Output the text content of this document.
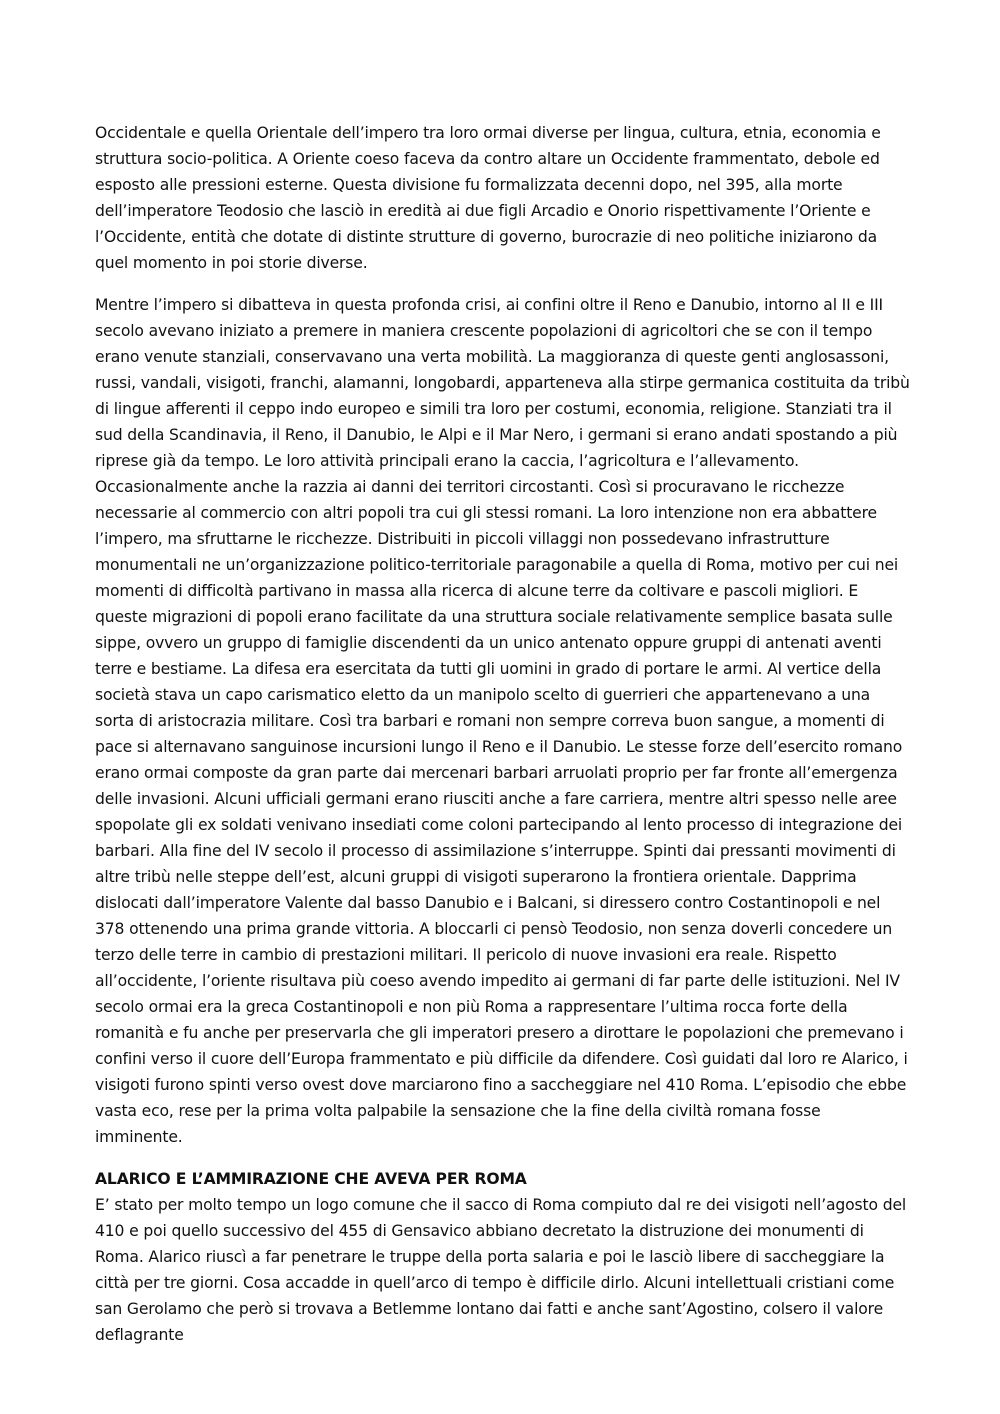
Occidentale e quella Orientale dell’impero tra loro ormai diverse per lingua, cultura, etnia, economia e struttura socio-politica. A Oriente coeso faceva da contro altare un Occidente frammentato, debole ed esposto alle pressioni esterne. Questa divisione fu formalizzata decenni dopo, nel 395, alla morte dell’imperatore Teodosio che lasciò in eredità ai due figli Arcadio e Onorio rispettivamente l’Oriente e l’Occidente, entità che dotate di distinte strutture di governo, burocrazie di neo politiche iniziarono da quel momento in poi storie diverse.

Mentre l’impero si dibatteva in questa profonda crisi, ai confini oltre il Reno e Danubio, intorno al II e III secolo avevano iniziato a premere in maniera crescente popolazioni di agricoltori che se con il tempo erano venute stanziali, conservavano una verta mobilità. La maggioranza di queste genti anglosassoni, russi, vandali, visigoti, franchi, alamanni, longobardi, apparteneva alla stirpe germanica costituita da tribù di lingue afferenti il ceppo indo europeo e simili tra loro per costumi, economia, religione. Stanziati tra il sud della Scandinavia, il Reno, il Danubio, le Alpi e il Mar Nero, i germani si erano andati spostando a più riprese già da tempo. Le loro attività principali erano la caccia, l’agricoltura e l’allevamento. Occasionalmente anche la razzia ai danni dei territori circostanti. Così si procuravano le ricchezze necessarie al commercio con altri popoli tra cui gli stessi romani. La loro intenzione non era abbattere l’impero, ma sfruttarne le ricchezze. Distribuiti in piccoli villaggi non possedevano infrastrutture monumentali ne un’organizzazione politico-territoriale paragonabile a quella di Roma, motivo per cui nei momenti di difficoltà partivano in massa alla ricerca di alcune terre da coltivare e pascoli migliori. E queste migrazioni di popoli erano facilitate da una struttura sociale relativamente semplice basata sulle sippe, ovvero un gruppo di famiglie discendenti da un unico antenato oppure gruppi di antenati aventi terre e bestiame. La difesa era esercitata da tutti gli uomini in grado di portare le armi. Al vertice della società stava un capo carismatico eletto da un manipolo scelto di guerrieri che appartenevano a una sorta di aristocrazia militare. Così tra barbari e romani non sempre correva buon sangue, a momenti di pace si alternavano sanguinose incursioni lungo il Reno e il Danubio. Le stesse forze dell’esercito romano erano ormai composte da gran parte dai mercenari barbari arruolati proprio per far fronte all’emergenza delle invasioni. Alcuni ufficiali germani erano riusciti anche a fare carriera, mentre altri spesso nelle aree spopolate gli ex soldati venivano insediati come coloni partecipando al lento processo di integrazione dei barbari. Alla fine del IV secolo il processo di assimilazione s’interruppe. Spinti dai pressanti movimenti di altre tribù nelle steppe dell’est, alcuni gruppi di visigoti superarono la frontiera orientale. Dapprima dislocati dall’imperatore Valente dal basso Danubio e i Balcani, si diressero contro Costantinopoli e nel 378 ottenendo una prima grande vittoria. A bloccarli ci pensò Teodosio, non senza doverli concedere un terzo delle terre in cambio di prestazioni militari. Il pericolo di nuove invasioni era reale. Rispetto all’occidente, l’oriente risultava più coeso avendo impedito ai germani di far parte delle istituzioni. Nel IV secolo ormai era la greca Costantinopoli e non più Roma a rappresentare l’ultima rocca forte della romanità e fu anche per preservarla che gli imperatori presero a dirottare le popolazioni che premevano i confini verso il cuore dell’Europa frammentato e più difficile da difendere. Così guidati dal loro re Alarico, i visigoti furono spinti verso ovest dove marciarono fino a saccheggiare nel 410 Roma. L’episodio che ebbe vasta eco, rese per la prima volta palpabile la sensazione che la fine della civiltà romana fosse imminente.

ALARICO E L’AMMIRAZIONE CHE AVEVA PER ROMA

E’ stato per molto tempo un logo comune che il sacco di Roma compiuto dal re dei visigoti nell’agosto del 410 e poi quello successivo del 455 di Gensavico abbiano decretato la distruzione dei monumenti di Roma. Alarico riuscì a far penetrare le truppe della porta salaria e poi le lasciò libere di saccheggiare la città per tre giorni. Cosa accadde in quell’arco di tempo è difficile dirlo. Alcuni intellettuali cristiani come san Gerolamo che però si trovava a Betlemme lontano dai fatti e anche sant’Agostino, colsero il valore deflagrante
